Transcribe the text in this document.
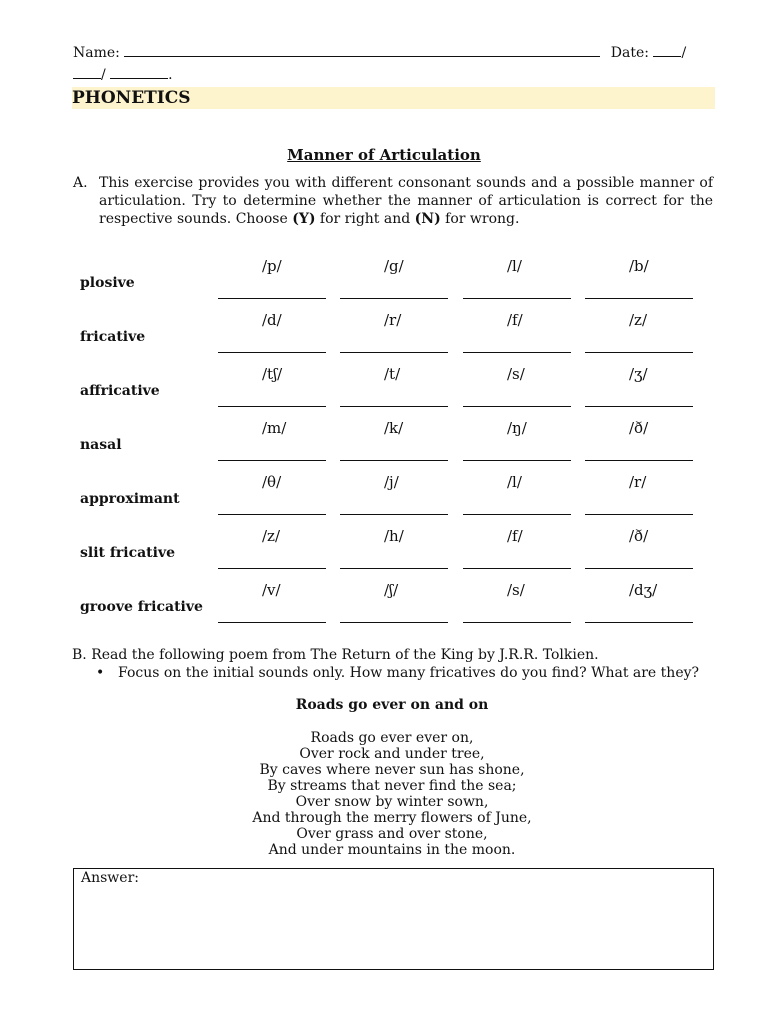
Name:	Date: /
/	.
PHONETICS
Manner of Articulation
A. This exercise provides you with different consonant sounds and a possible manner of articulation. Try to determine whether the manner of articulation is correct for the respective sounds. Choose (Y) for right and (N) for wrong.
plosive
/p/	/g/	/l/	/b/
fricative
/d/	/r/	/f/	/z/
affricative
/tʃ/	/t/	/s/	/ʒ/
nasal
/m/	/k/	/ŋ/	/ð/
approximant
/θ/	/j/	/l/	/r/
slit fricative
/z/	/h/	/f/	/ð/
groove fricative
/v/	/ʃ/	/s/	/dʒ/
B. Read the following poem from The Return of the King by J.R.R. Tolkien.
• Focus on the initial sounds only. How many fricatives do you find? What are they?
Roads go ever on and on
Roads go ever ever on,
Over rock and under tree,
By caves where never sun has shone,
By streams that never find the sea;
Over snow by winter sown,
And through the merry flowers of June,
Over grass and over stone,
And under mountains in the moon.
Answer:
